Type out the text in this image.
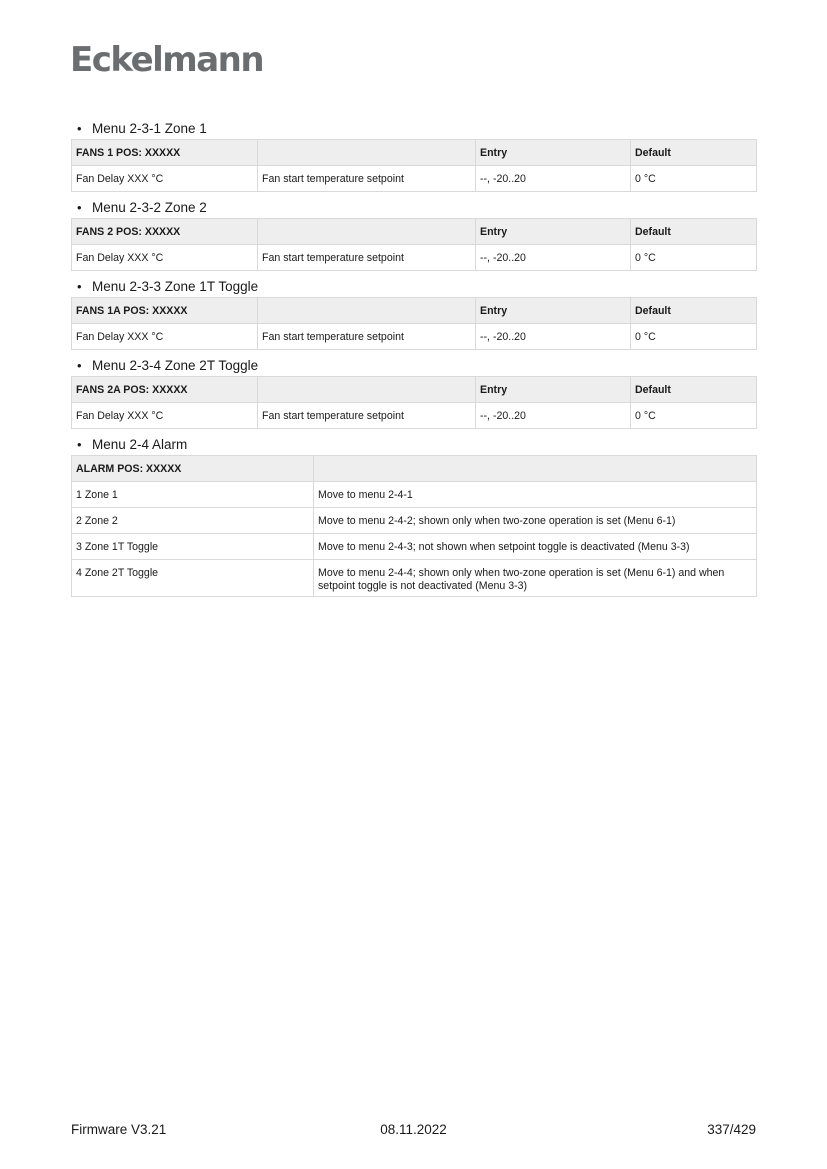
Eckelmann
• Menu 2-3-1 Zone 1
FANS 1 POS: XXXXX		Entry	Default
Fan Delay XXX °C	Fan start temperature setpoint	--, -20..20	0 °C
• Menu 2-3-2 Zone 2
FANS 2 POS: XXXXX		Entry	Default
Fan Delay XXX °C	Fan start temperature setpoint	--, -20..20	0 °C
• Menu 2-3-3 Zone 1T Toggle
FANS 1A POS: XXXXX		Entry	Default
Fan Delay XXX °C	Fan start temperature setpoint	--, -20..20	0 °C
• Menu 2-3-4 Zone 2T Toggle
FANS 2A POS: XXXXX		Entry	Default
Fan Delay XXX °C	Fan start temperature setpoint	--, -20..20	0 °C
• Menu 2-4 Alarm
ALARM POS: XXXXX	
1 Zone 1	Move to menu 2-4-1
2 Zone 2	Move to menu 2-4-2; shown only when two-zone operation is set (Menu 6-1)
3 Zone 1T Toggle	Move to menu 2-4-3; not shown when setpoint toggle is deactivated (Menu 3-3)
4 Zone 2T Toggle	Move to menu 2-4-4; shown only when two-zone operation is set (Menu 6-1) and when setpoint toggle is not deactivated (Menu 3-3)
Firmware V3.21	08.11.2022	337/429
